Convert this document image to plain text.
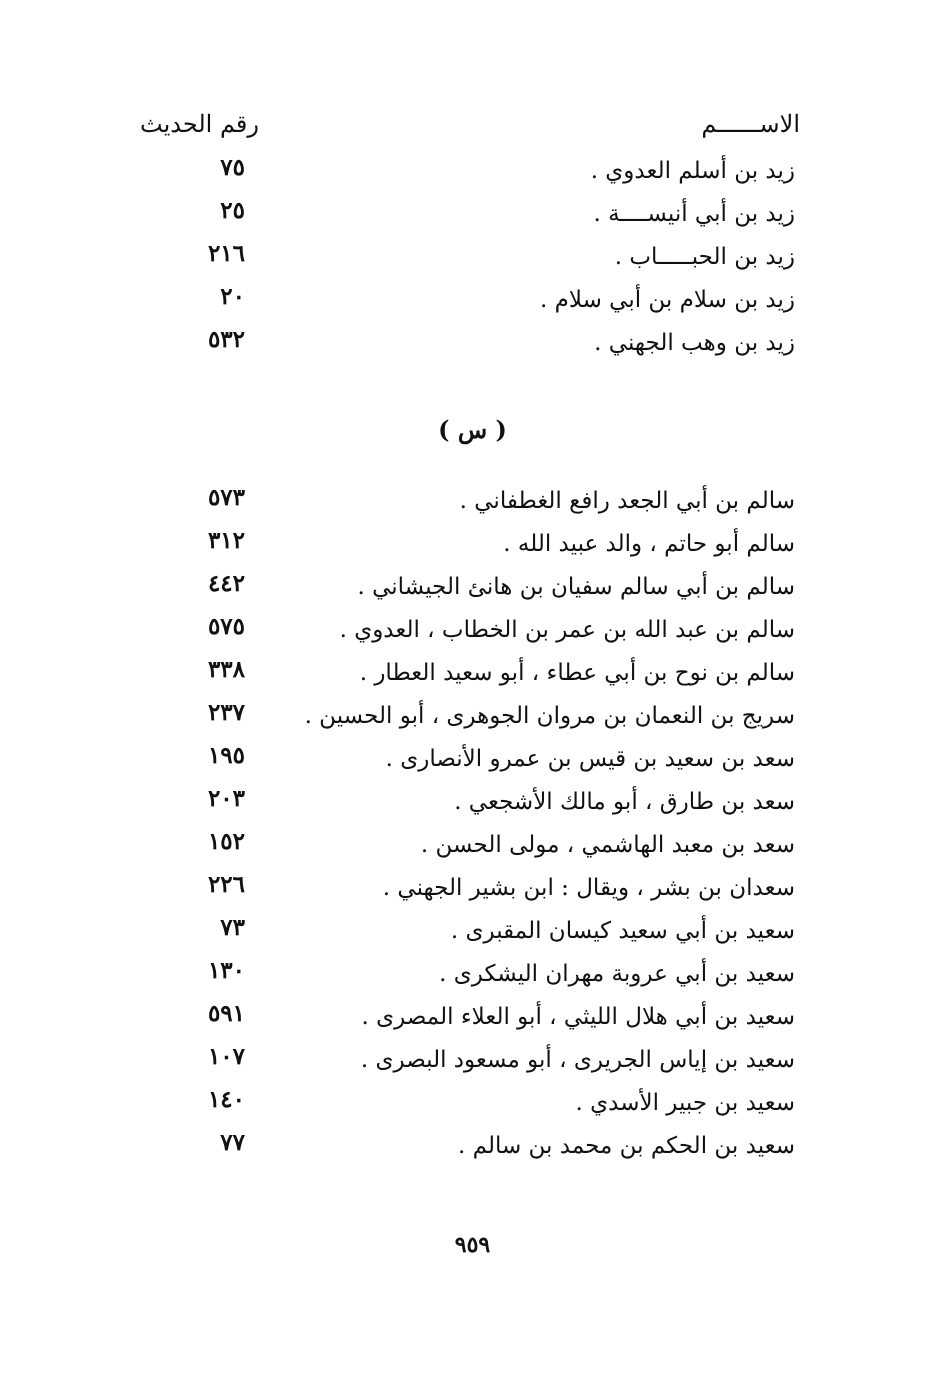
الاســــــم
رقم الحديث
زيد بن أسلم العدوي .
٧٥
زيد بن أبي أنيســــة .
٢٥
زيد بن الحبـــــاب .
٢١٦
زيد بن سلام بن أبي سلام .
٢٠
زيد بن وهب الجهني .
٥٣٢
( س )
سالم بن أبي الجعد رافع الغطفاني .
٥٧٣
سالم أبو حاتم ، والد عبيد الله .
٣١٢
سالم بن أبي سالم سفيان بن هانئ الجيشاني .
٤٤٢
سالم بن عبد الله بن عمر بن الخطاب ، العدوي .
٥٧٥
سالم بن نوح بن أبي عطاء ، أبو سعيد العطار .
٣٣٨
سريج بن النعمان بن مروان الجوهرى ، أبو الحسين .
٢٣٧
سعد بن سعيد بن قيس بن عمرو الأنصارى .
١٩٥
سعد بن طارق ، أبو مالك الأشجعي .
٢٠٣
سعد بن معبد الهاشمي ، مولى الحسن .
١٥٢
سعدان بن بشر ، ويقال : ابن بشير الجهني .
٢٢٦
سعيد بن أبي سعيد كيسان المقبرى .
٧٣
سعيد بن أبي عروبة مهران اليشكرى .
١٣٠
سعيد بن أبي هلال الليثي ، أبو العلاء المصرى .
٥٩١
سعيد بن إياس الجريرى ، أبو مسعود البصرى .
١٠٧
سعيد بن جبير الأسدي .
١٤٠
سعيد بن الحكم بن محمد بن سالم .
٧٧
٩٥٩
